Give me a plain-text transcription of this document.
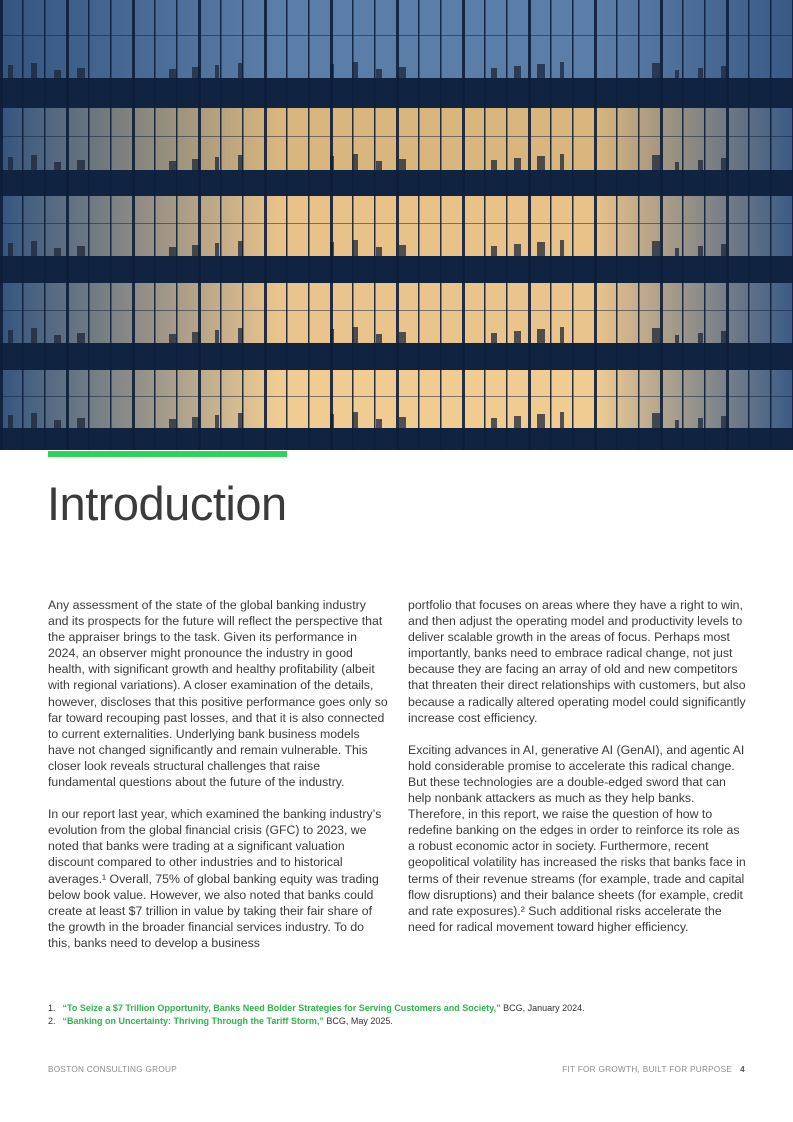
Introduction

Any assessment of the state of the global banking industry and its prospects for the future will reflect the perspective that the appraiser brings to the task. Given its performance in 2024, an observer might pronounce the industry in good health, with significant growth and healthy profitability (albeit with regional variations). A closer examination of the details, however, discloses that this positive performance goes only so far toward recouping past losses, and that it is also connected to current externalities. Underlying bank business models have not changed significantly and remain vulnerable. This closer look reveals structural challenges that raise fundamental questions about the future of the industry.

In our report last year, which examined the banking industry’s evolution from the global financial crisis (GFC) to 2023, we noted that banks were trading at a significant valuation discount compared to other industries and to historical averages.¹ Overall, 75% of global banking equity was trading below book value. However, we also noted that banks could create at least $7 trillion in value by taking their fair share of the growth in the broader financial services industry. To do this, banks need to develop a business

portfolio that focuses on areas where they have a right to win, and then adjust the operating model and productivity levels to deliver scalable growth in the areas of focus. Perhaps most importantly, banks need to embrace radical change, not just because they are facing an array of old and new competitors that threaten their direct relationships with customers, but also because a radically altered operating model could significantly increase cost efficiency.

Exciting advances in AI, generative AI (GenAI), and agentic AI hold considerable promise to accelerate this radical change. But these technologies are a double-edged sword that can help nonbank attackers as much as they help banks. Therefore, in this report, we raise the question of how to redefine banking on the edges in order to reinforce its role as a robust economic actor in society. Furthermore, recent geopolitical volatility has increased the risks that banks face in terms of their revenue streams (for example, trade and capital flow disruptions) and their balance sheets (for example, credit and rate exposures).² Such additional risks accelerate the need for radical movement toward higher efficiency.

1. “To Seize a $7 Trillion Opportunity, Banks Need Bolder Strategies for Serving Customers and Society,” BCG, January 2024.
2. “Banking on Uncertainty: Thriving Through the Tariff Storm,” BCG, May 2025.
BOSTON CONSULTING GROUP	FIT FOR GROWTH, BUILT FOR PURPOSE 4
